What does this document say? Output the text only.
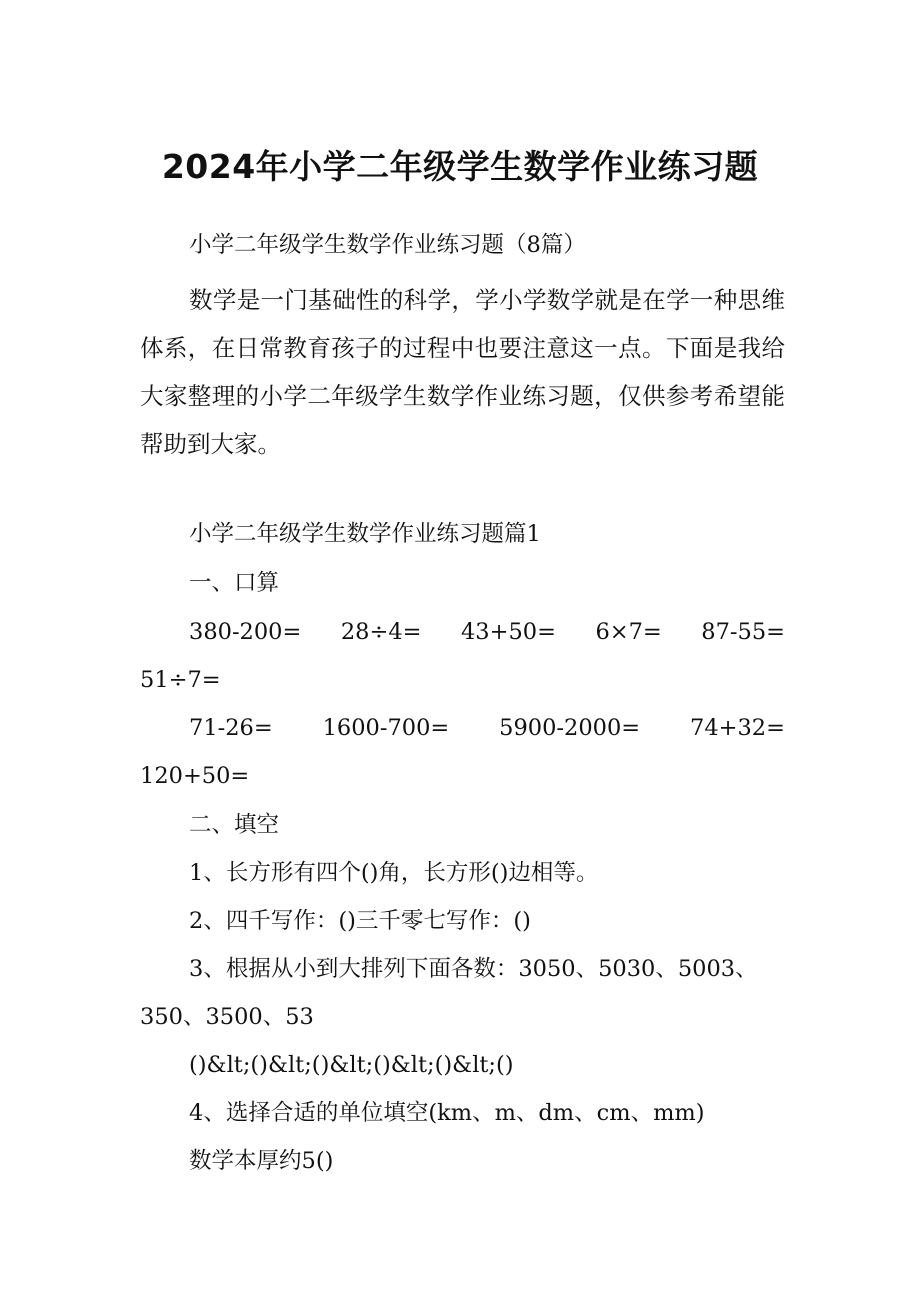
2024年小学二年级学生数学作业练习题

小学二年级学生数学作业练习题（8篇）

数学是一门基础性的科学，学小学数学就是在学一种思维体系，在日常教育孩子的过程中也要注意这一点。下面是我给大家整理的小学二年级学生数学作业练习题，仅供参考希望能帮助到大家。

小学二年级学生数学作业练习题篇1

一、口算

380-200= 28÷4= 43+50= 6×7= 87-55=

51÷7=

71-26= 1600-700= 5900-2000= 74+32=

120+50=

二、填空

1、长方形有四个()角，长方形()边相等。

2、四千写作：()三千零七写作：()

3、根据从小到大排列下面各数：3050、5030、5003、

350、3500、53

()&lt;()&lt;()&lt;()&lt;()&lt;()

4、选择合适的单位填空(km、m、dm、cm、mm)

数学本厚约5()
